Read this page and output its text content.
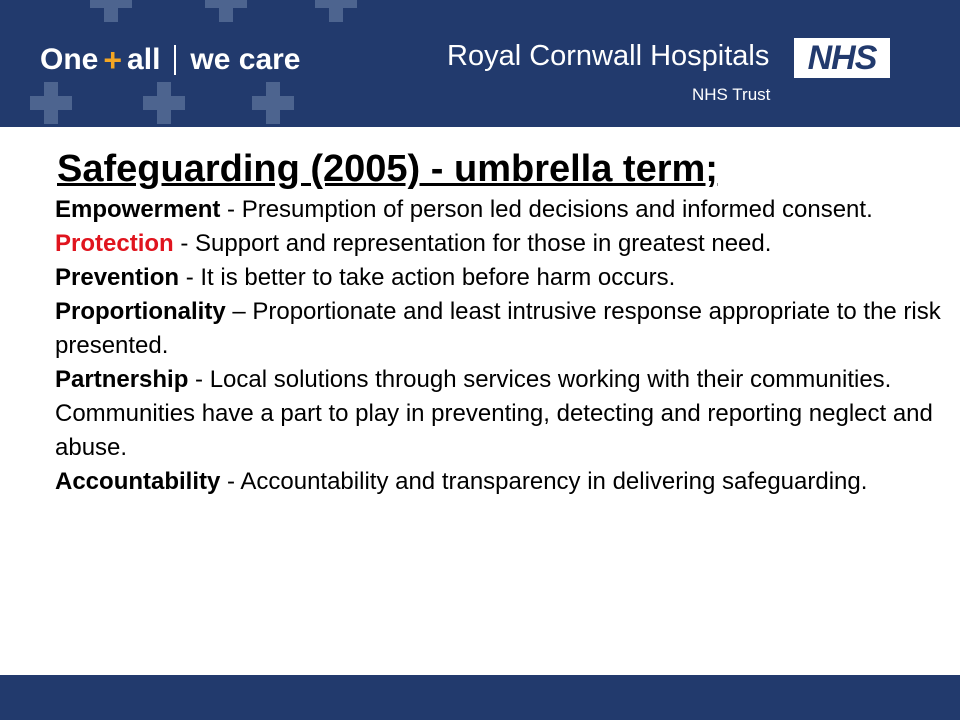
One + all we care	Royal Cornwall Hospitals
NHS Trust
NHS
Safeguarding (2005) - umbrella term;

Empowerment - Presumption of person led decisions and informed consent.

Protection - Support and representation for those in greatest need.

Prevention - It is better to take action before harm occurs.

Proportionality – Proportionate and least intrusive response appropriate to the risk presented.

Partnership - Local solutions through services working with their communities. Communities have a part to play in preventing, detecting and reporting neglect and abuse.

Accountability - Accountability and transparency in delivering safeguarding.
